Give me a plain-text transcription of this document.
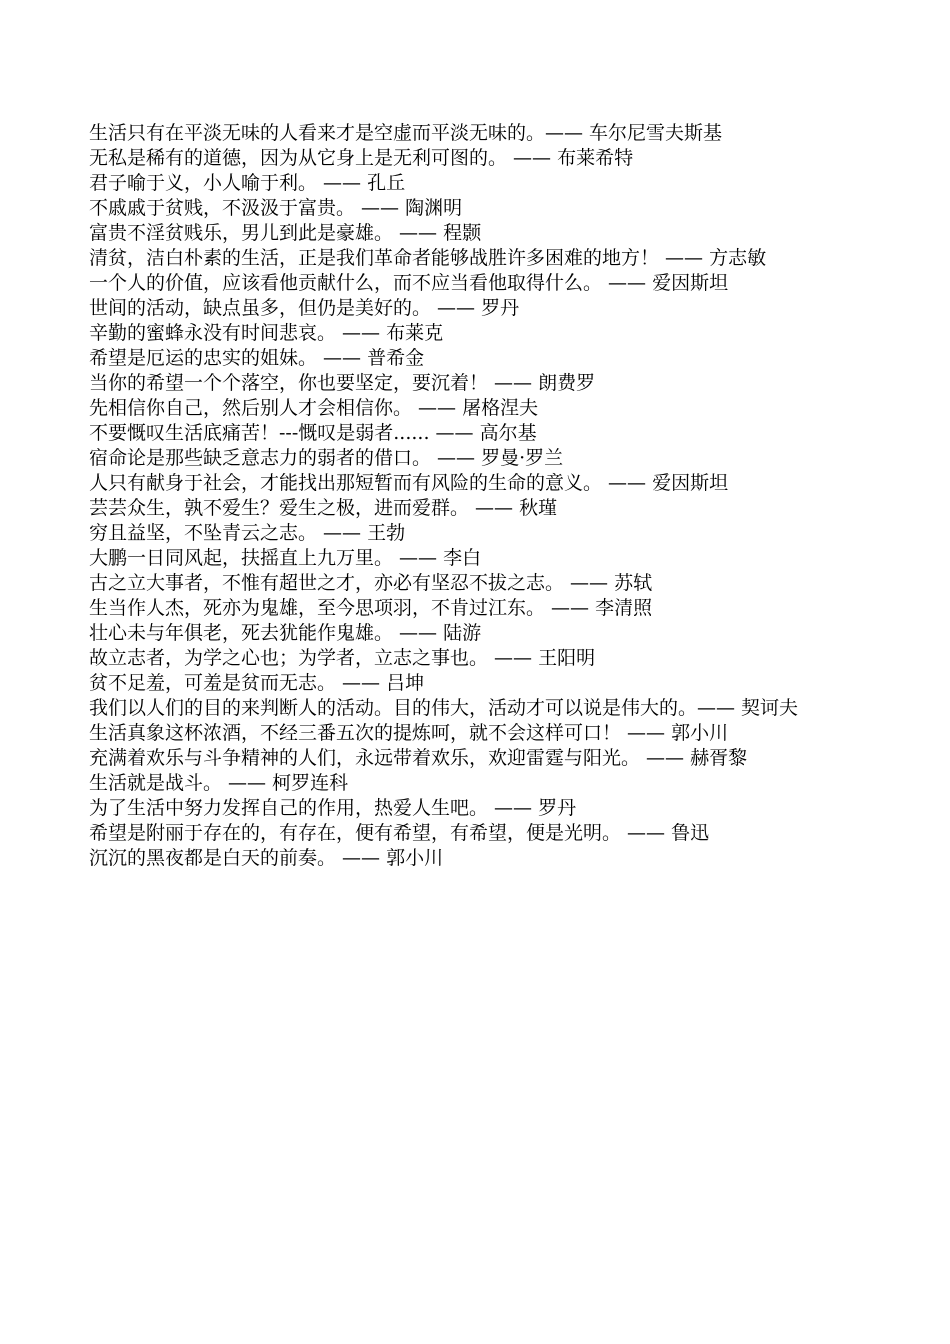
生活只有在平淡无味的人看来才是空虚而平淡无味的。—— 车尔尼雪夫斯基
无私是稀有的道德，因为从它身上是无利可图的。 —— 布莱希特
君子喻于义，小人喻于利。 —— 孔丘
不戚戚于贫贱，不汲汲于富贵。 —— 陶渊明
富贵不淫贫贱乐，男儿到此是豪雄。 —— 程颢
清贫，洁白朴素的生活，正是我们革命者能够战胜许多困难的地方！ —— 方志敏
一个人的价值，应该看他贡献什么，而不应当看他取得什么。 —— 爱因斯坦
世间的活动，缺点虽多，但仍是美好的。 —— 罗丹
辛勤的蜜蜂永没有时间悲哀。 —— 布莱克
希望是厄运的忠实的姐妹。 —— 普希金
当你的希望一个个落空，你也要坚定，要沉着！ —— 朗费罗
先相信你自己，然后别人才会相信你。 —— 屠格涅夫
不要慨叹生活底痛苦！---慨叹是弱者...... —— 高尔基
宿命论是那些缺乏意志力的弱者的借口。 —— 罗曼·罗兰
人只有献身于社会，才能找出那短暂而有风险的生命的意义。 —— 爱因斯坦
芸芸众生，孰不爱生？爱生之极，进而爱群。 —— 秋瑾
穷且益坚，不坠青云之志。 —— 王勃
大鹏一日同风起，扶摇直上九万里。 —— 李白
古之立大事者，不惟有超世之才，亦必有坚忍不拔之志。 —— 苏轼
生当作人杰，死亦为鬼雄，至今思项羽，不肯过江东。 —— 李清照
壮心未与年俱老，死去犹能作鬼雄。 —— 陆游
故立志者，为学之心也；为学者，立志之事也。 —— 王阳明
贫不足羞，可羞是贫而无志。 —— 吕坤
我们以人们的目的来判断人的活动。目的伟大，活动才可以说是伟大的。—— 契诃夫
生活真象这杯浓酒，不经三番五次的提炼呵，就不会这样可口！ —— 郭小川
充满着欢乐与斗争精神的人们，永远带着欢乐，欢迎雷霆与阳光。 —— 赫胥黎
生活就是战斗。 —— 柯罗连科
为了生活中努力发挥自己的作用，热爱人生吧。 —— 罗丹
希望是附丽于存在的，有存在，便有希望，有希望，便是光明。 —— 鲁迅
沉沉的黑夜都是白天的前奏。 —— 郭小川
